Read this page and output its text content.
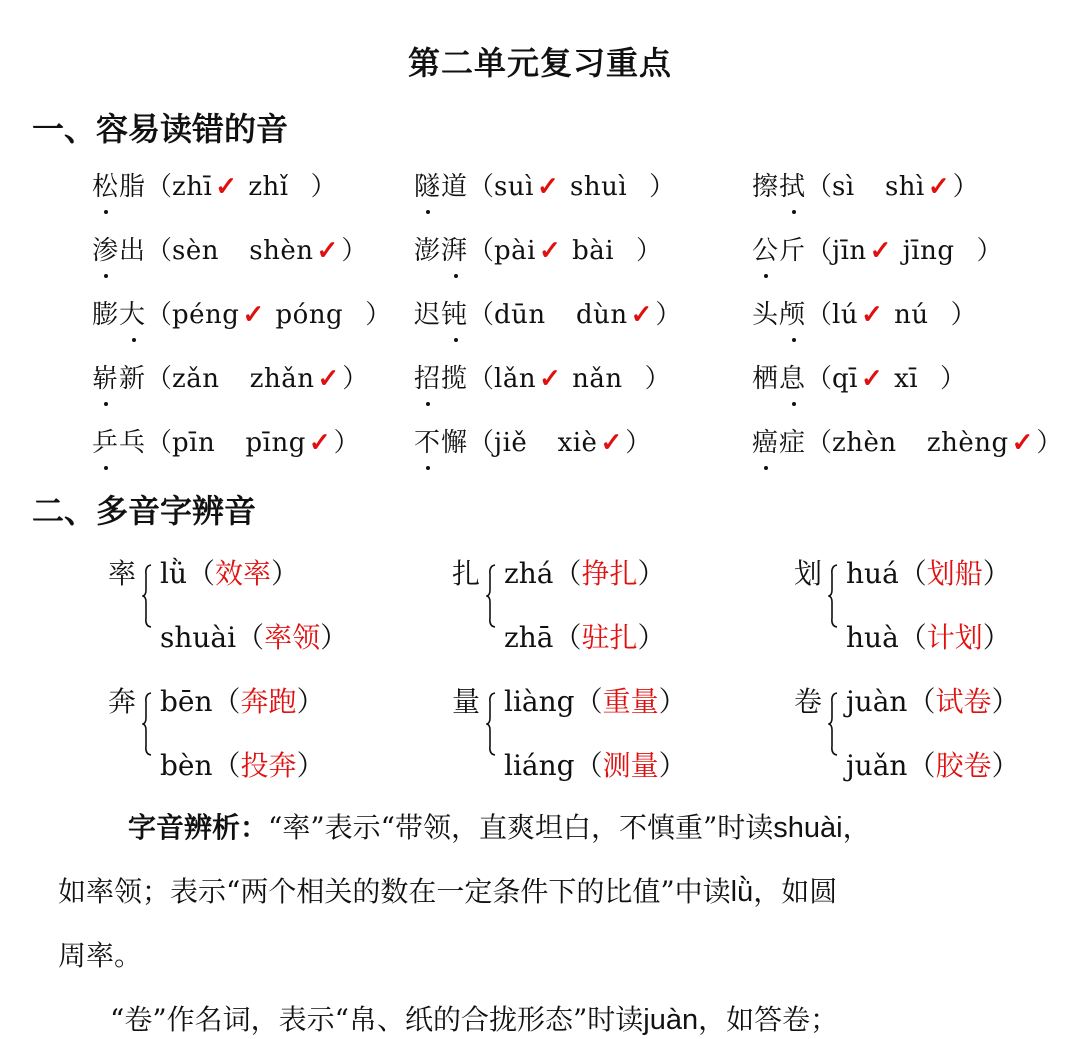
第二单元复习重点
一、容易读错的音
松脂（zhī ✓ zhǐ ）	隧道（suì ✓ shuì ）	擦拭（sì shì ✓ ）
渗出（sèn shèn ✓ ） 澎湃（pài ✓ bài ）	公斤（jīn ✓ jīng ）
膨大（péng ✓ póng ） 迟钝（dūn dùn ✓ ）	头颅（lú ✓ nú ）
崭新（zǎn zhǎn ✓ ） 招揽（lǎn ✓ nǎn ）	栖息（qī ✓ xī ）
乒乓（pīn pīng ✓ ） 不懈（jiě xiè ✓ ）	癌症（zhèn zhèng ✓ ）
二、多音字辨音
率 lǜ（效率）
shuài（率领）
扎 zhá（挣扎）
zhā（驻扎）
划 huá（划船）
huà（计划）
奔 bēn（奔跑）
bèn（投奔）
量 liàng（重量）
liáng（测量）
卷 juàn（试卷）
juǎn（胶卷）
字音辨析：“率”表示“带领，直爽坦白，不慎重”时读shuài，
如率领；表示“两个相关的数在一定条件下的比值”中读lǜ，如圆
周率。
“卷”作名词，表示“帛、纸的合拢形态”时读juàn，如答卷；
